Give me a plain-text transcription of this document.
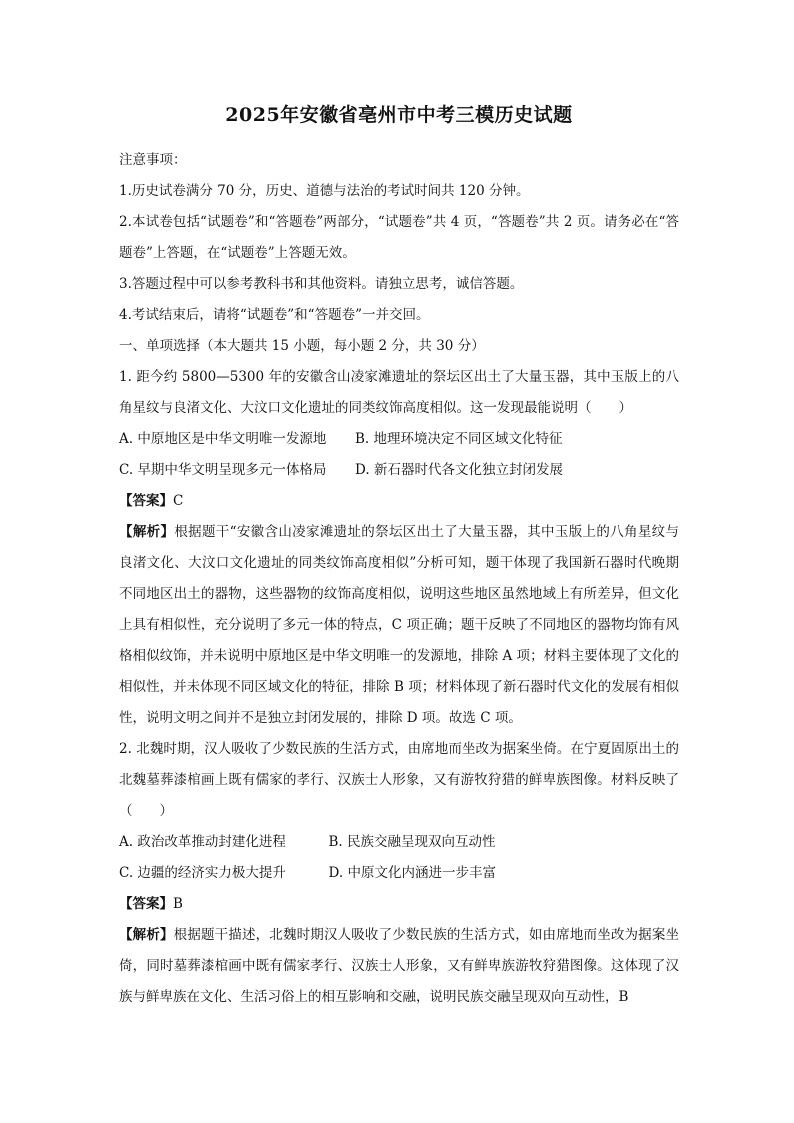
2025年安徽省亳州市中考三模历史试题

注意事项：

1.历史试卷满分 70 分，历史、道德与法治的考试时间共 120 分钟。

2.本试卷包括“试题卷”和“答题卷”两部分，“试题卷”共 4 页，“答题卷”共 2 页。请务必在“答题卷”上答题，在“试题卷”上答题无效。

3.答题过程中可以参考教科书和其他资料。请独立思考，诚信答题。

4.考试结束后，请将“试题卷”和“答题卷”一并交回。

一、单项选择（本大题共 15 小题，每小题 2 分，共 30 分）

1. 距今约 5800—5300 年的安徽含山凌家滩遗址的祭坛区出土了大量玉器，其中玉版上的八角星纹与良渚文化、大汶口文化遗址的同类纹饰高度相似。这一发现最能说明（　　）

A. 中原地区是中华文明唯一发源地 B. 地理环境决定不同区域文化特征

C. 早期中华文明呈现多元一体格局 D. 新石器时代各文化独立封闭发展

【答案】C

【解析】根据题干“安徽含山凌家滩遗址的祭坛区出土了大量玉器，其中玉版上的八角星纹与良渚文化、大汶口文化遗址的同类纹饰高度相似”分析可知，题干体现了我国新石器时代晚期不同地区出土的器物，这些器物的纹饰高度相似，说明这些地区虽然地域上有所差异，但文化上具有相似性，充分说明了多元一体的特点，C 项正确；题干反映了不同地区的器物均饰有风格相似纹饰，并未说明中原地区是中华文明唯一的发源地，排除 A 项；材料主要体现了文化的相似性，并未体现不同区域文化的特征，排除 B 项；材料体现了新石器时代文化的发展有相似性，说明文明之间并不是独立封闭发展的，排除 D 项。故选 C 项。

2. 北魏时期，汉人吸收了少数民族的生活方式，由席地而坐改为据案坐倚。在宁夏固原出土的北魏墓葬漆棺画上既有儒家的孝行、汉族士人形象，又有游牧狩猎的鲜卑族图像。材料反映了（　　）

A. 政治改革推动封建化进程	B. 民族交融呈现双向互动性

C. 边疆的经济实力极大提升	D. 中原文化内涵进一步丰富

【答案】B

【解析】根据题干描述，北魏时期汉人吸收了少数民族的生活方式，如由席地而坐改为据案坐倚，同时墓葬漆棺画中既有儒家孝行、汉族士人形象，又有鲜卑族游牧狩猎图像。这体现了汉族与鲜卑族在文化、生活习俗上的相互影响和交融，说明民族交融呈现双向互动性，B
